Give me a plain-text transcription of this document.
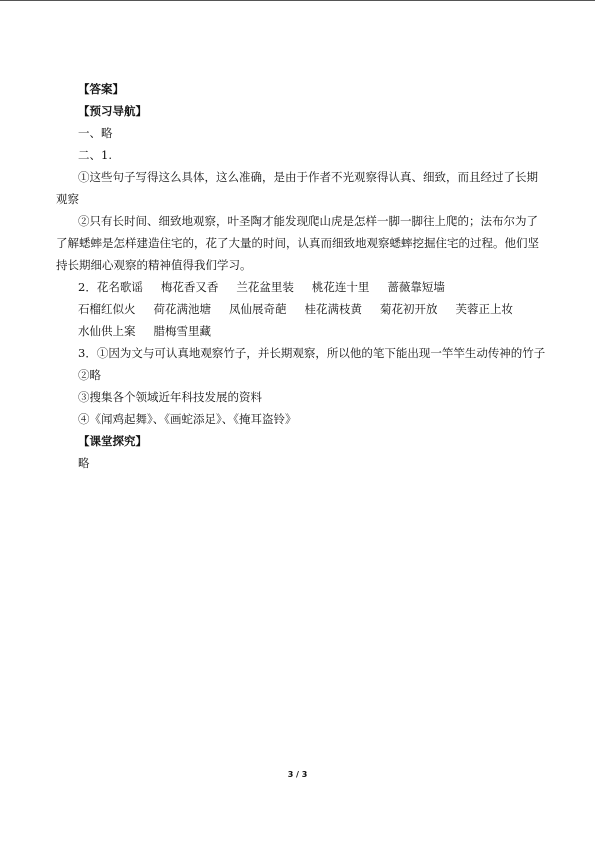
【答案】
【预习导航】
一、略
二、1.
①这些句子写得这么具体，这么准确，是由于作者不光观察得认真、细致，而且经过了长期观察
②只有长时间、细致地观察，叶圣陶才能发现爬山虎是怎样一脚一脚往上爬的；法布尔为了了解蟋蟀是怎样建造住宅的，花了大量的时间，认真而细致地观察蟋蟀挖掘住宅的过程。他们坚持长期细心观察的精神值得我们学习。
2．花名歌谣 梅花香又香 兰花盆里装 桃花连十里 蔷薇靠短墙
石榴红似火 荷花满池塘 凤仙展奇葩 桂花满枝黄 菊花初开放 芙蓉正上妆
水仙供上案 腊梅雪里藏
3．①因为文与可认真地观察竹子，并长期观察，所以他的笔下能出现一竿竿生动传神的竹子
②略
③搜集各个领域近年科技发展的资料
④《闻鸡起舞》、《画蛇添足》、《掩耳盗铃》
【课堂探究】
略
3 / 3
